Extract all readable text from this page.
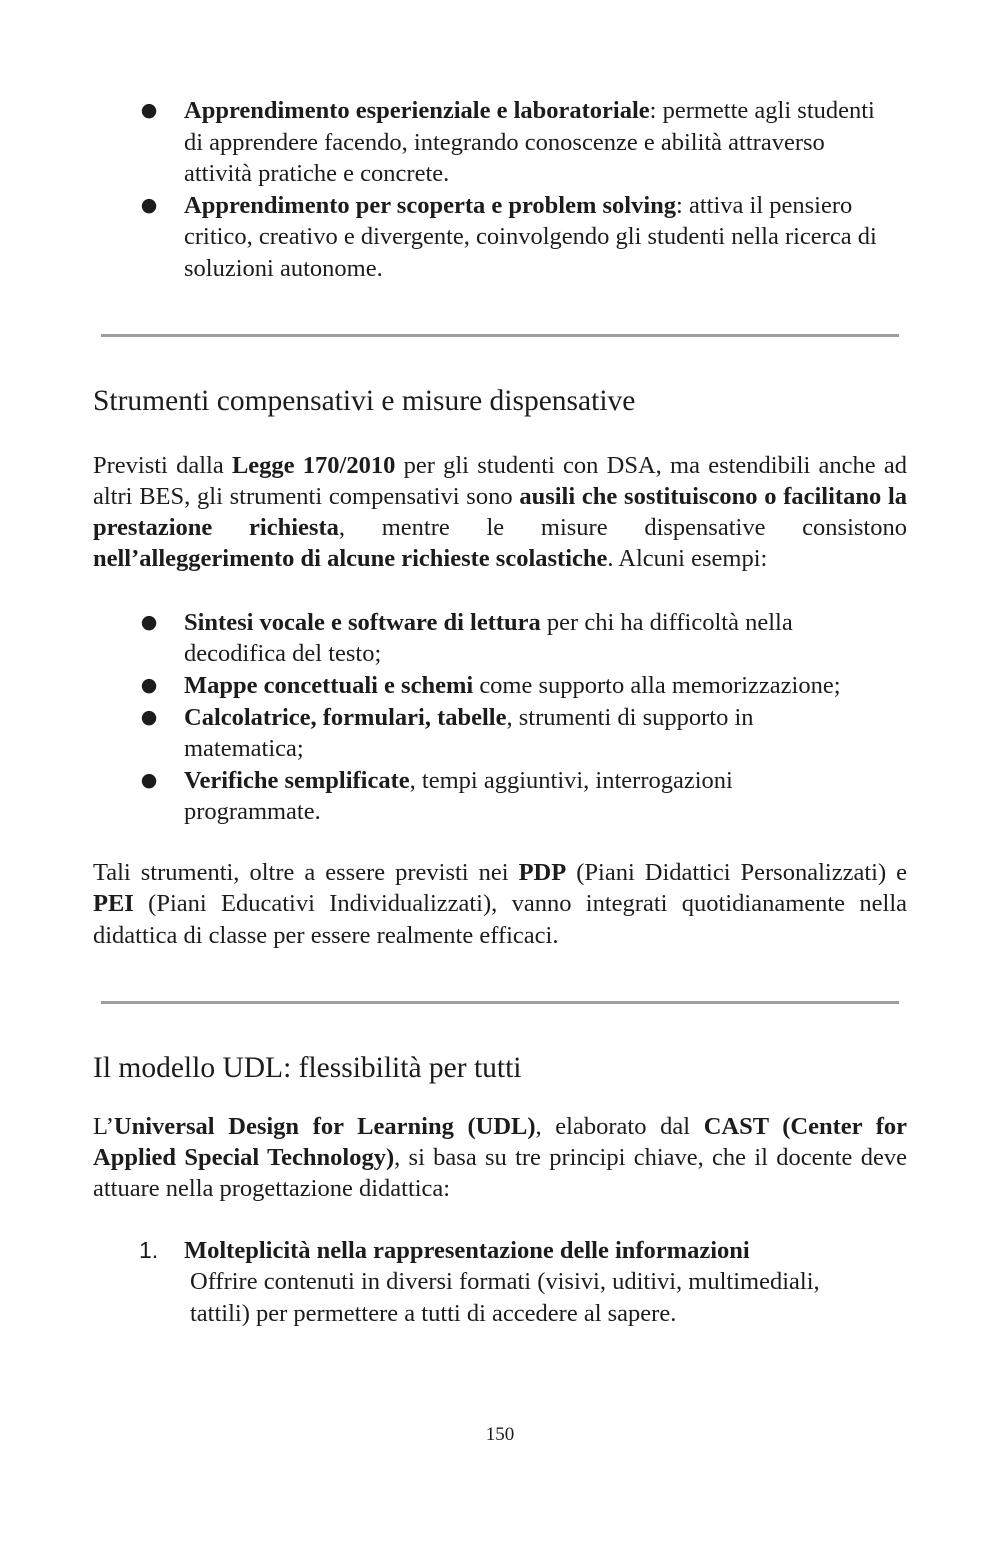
● Apprendimento esperienziale e laboratoriale: permette agli studenti di apprendere facendo, integrando conoscenze e abilità attraverso attività pratiche e concrete.
● Apprendimento per scoperta e problem solving: attiva il pensiero critico, creativo e divergente, coinvolgendo gli studenti nella ricerca di soluzioni autonome.
Strumenti compensativi e misure dispensative

Previsti dalla Legge 170/2010 per gli studenti con DSA, ma estendibili anche ad altri BES, gli strumenti compensativi sono ausili che sostituiscono o facilitano la prestazione richiesta, mentre le misure dispensative consistono nell’alleggerimento di alcune richieste scolastiche. Alcuni esempi:

● Sintesi vocale e software di lettura per chi ha difficoltà nella decodifica del testo;
● Mappe concettuali e schemi come supporto alla memorizzazione;
● Calcolatrice, formulari, tabelle, strumenti di supporto in matematica;
● Verifiche semplificate, tempi aggiuntivi, interrogazioni programmate.

Tali strumenti, oltre a essere previsti nei PDP (Piani Didattici Personalizzati) e PEI (Piani Educativi Individualizzati), vanno integrati quotidianamente nella didattica di classe per essere realmente efficaci.

Il modello UDL: flessibilità per tutti

L’Universal Design for Learning (UDL), elaborato dal CAST (Center for Applied Special Technology), si basa su tre principi chiave, che il docente deve attuare nella progettazione didattica:

1. Molteplicità nella rappresentazione delle informazioni
Offrire contenuti in diversi formati (visivi, uditivi, multimediali, tattili) per permettere a tutti di accedere al sapere.
150
